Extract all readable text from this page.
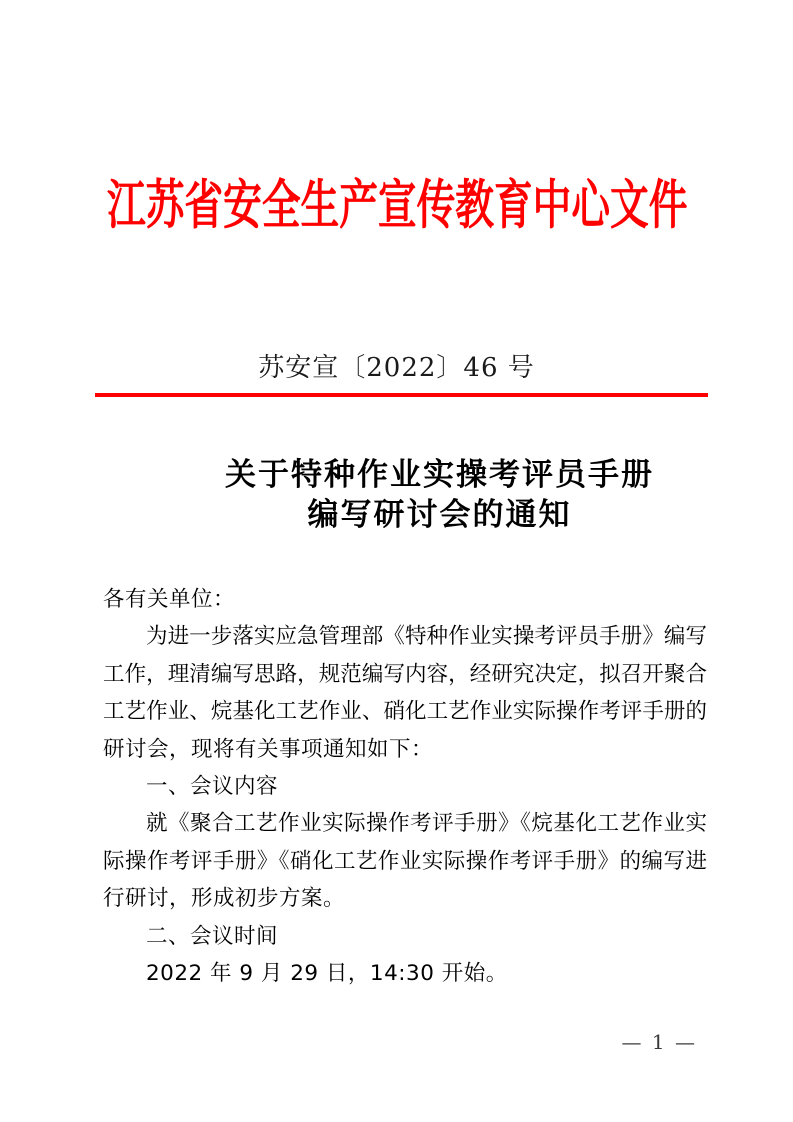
江苏省安全生产宣传教育中心文件
苏安宣〔2022〕46 号
关于特种作业实操考评员手册
编写研讨会的通知
各有关单位：
为进一步落实应急管理部《特种作业实操考评员手册》编写
工作，理清编写思路，规范编写内容，经研究决定，拟召开聚合
工艺作业、烷基化工艺作业、硝化工艺作业实际操作考评手册的
研讨会，现将有关事项通知如下：
一、会议内容
就《聚合工艺作业实际操作考评手册》《烷基化工艺作业实
际操作考评手册》《硝化工艺作业实际操作考评手册》的编写进
行研讨，形成初步方案。
二、会议时间
2022 年 9 月 29 日，14:30 开始。
— 1 —
